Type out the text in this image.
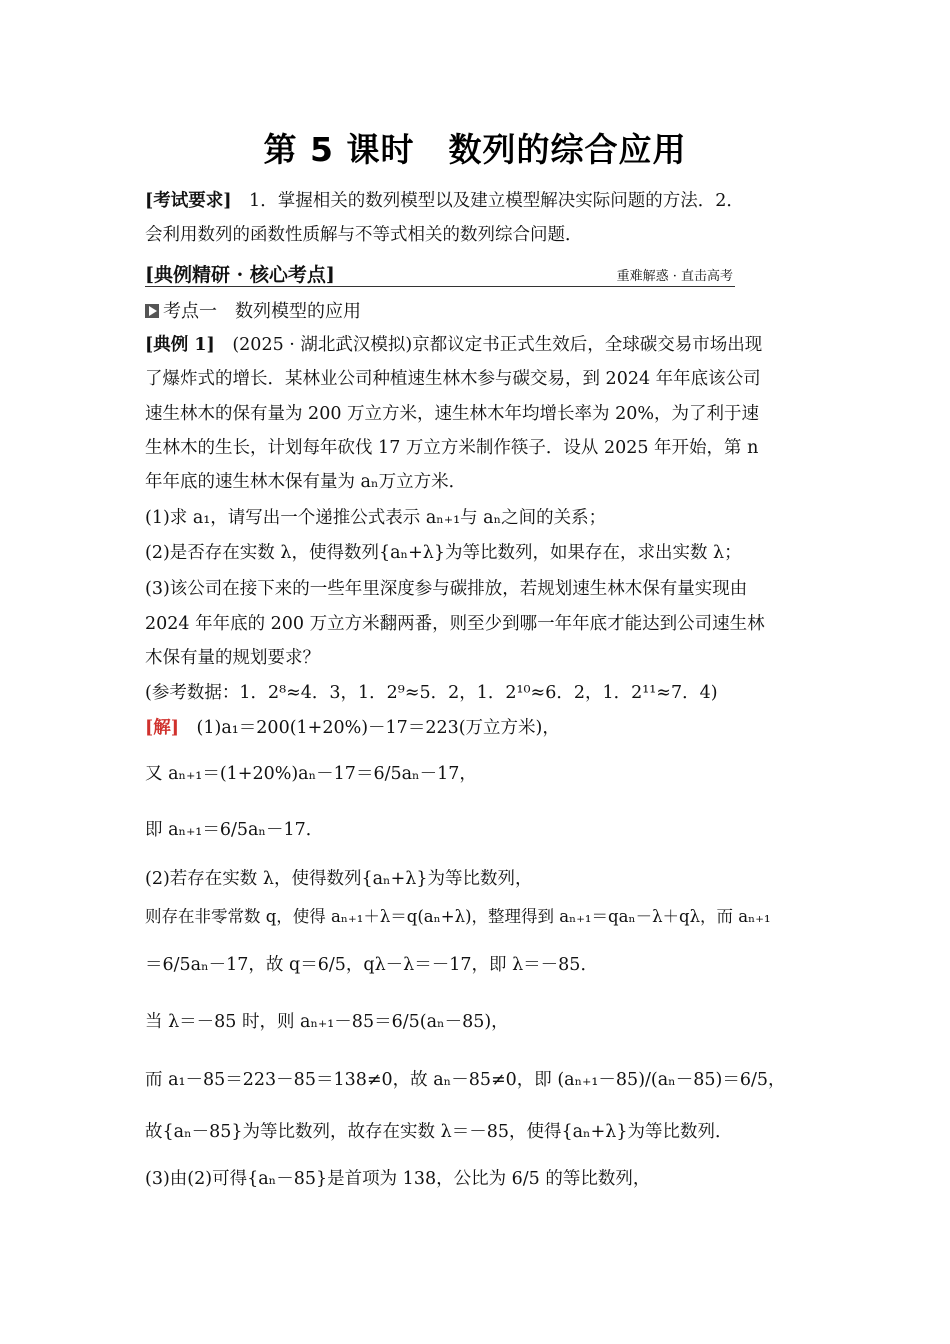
第 5 课时　数列的综合应用
[考试要求]　1．掌握相关的数列模型以及建立模型解决实际问题的方法．2．
会利用数列的函数性质解与不等式相关的数列综合问题．
[典例精研 · 核心考点]	重难解惑 · 直击高考
考点一　数列模型的应用
[典例 1]　(2025 · 湖北武汉模拟)京都议定书正式生效后，全球碳交易市场出现
了爆炸式的增长．某林业公司种植速生林木参与碳交易，到 2024 年年底该公司
速生林木的保有量为 200 万立方米，速生林木年均增长率为 20%，为了利于速
生林木的生长，计划每年砍伐 17 万立方米制作筷子．设从 2025 年开始，第 n
年年底的速生林木保有量为 aₙ万立方米．
(1)求 a₁，请写出一个递推公式表示 aₙ₊₁与 aₙ之间的关系；
(2)是否存在实数 λ，使得数列{aₙ+λ}为等比数列，如果存在，求出实数 λ；
(3)该公司在接下来的一些年里深度参与碳排放，若规划速生林木保有量实现由
2024 年年底的 200 万立方米翻两番，则至少到哪一年年底才能达到公司速生林
木保有量的规划要求？
(参考数据：1．2⁸≈4．3，1．2⁹≈5．2，1．2¹⁰≈6．2，1．2¹¹≈7．4)
[解]　(1)a₁＝200(1+20%)－17＝223(万立方米)，
又 aₙ₊₁＝(1+20%)aₙ－17＝6/5aₙ－17，
即 aₙ₊₁＝6/5aₙ－17．
(2)若存在实数 λ，使得数列{aₙ+λ}为等比数列，
则存在非零常数 q，使得 aₙ₊₁＋λ＝q(aₙ+λ)，整理得到 aₙ₊₁＝qaₙ－λ＋qλ，而 aₙ₊₁
＝6/5aₙ－17，故 q＝6/5，qλ－λ＝－17，即 λ＝－85．
当 λ＝－85 时，则 aₙ₊₁－85＝6/5(aₙ－85)，
而 a₁－85＝223－85＝138≠0，故 aₙ－85≠0，即 (aₙ₊₁－85)/(aₙ－85)＝6/5，
故{aₙ－85}为等比数列，故存在实数 λ＝－85，使得{aₙ+λ}为等比数列．
(3)由(2)可得{aₙ－85}是首项为 138，公比为 6/5 的等比数列，
